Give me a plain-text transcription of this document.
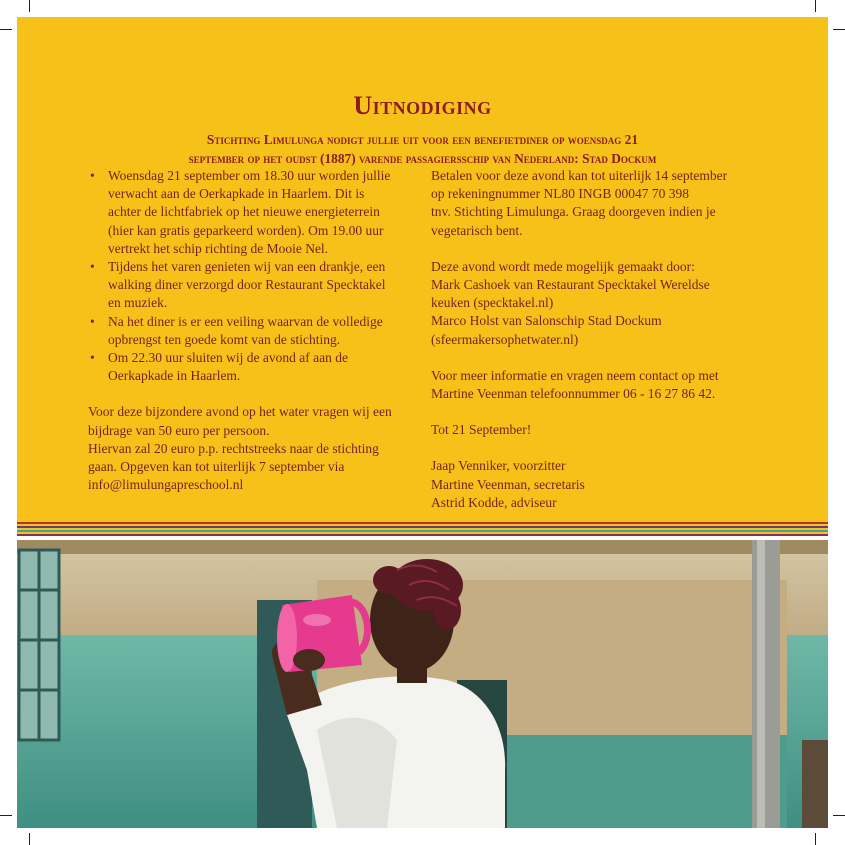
Uitnodiging
Stichting Limulunga nodigt jullie uit voor een benefietdiner op woensdag 21
september op het oudst (1887) varende passagiersschip van Nederland: Stad Dockum
• Woensdag 21 september om 18.30 uur worden jullie
verwacht aan de Oerkapkade in Haarlem. Dit is
achter de lichtfabriek op het nieuwe energieterrein
(hier kan gratis geparkeerd worden). Om 19.00 uur
vertrekt het schip richting de Mooie Nel.
• Tijdens het varen genieten wij van een drankje, een
walking diner verzorgd door Restaurant Specktakel
en muziek.
• Na het diner is er een veiling waarvan de volledige
opbrengst ten goede komt van de stichting.
• Om 22.30 uur sluiten wij de avond af aan de
Oerkapkade in Haarlem.

Voor deze bijzondere avond op het water vragen wij een
bijdrage van 50 euro per persoon.
Hiervan zal 20 euro p.p. rechtstreeks naar de stichting
gaan. Opgeven kan tot uiterlijk 7 september via
info@limulungapreschool.nl

Betalen voor deze avond kan tot uiterlijk 14 september
op rekeningnummer NL80 INGB 00047 70 398
tnv. Stichting Limulunga. Graag doorgeven indien je
vegetarisch bent.

Deze avond wordt mede mogelijk gemaakt door:
Mark Cashoek van Restaurant Specktakel Wereldse
keuken (specktakel.nl)
Marco Holst van Salonschip Stad Dockum
(sfeermakersophetwater.nl)

Voor meer informatie en vragen neem contact op met
Martine Veenman telefoonnummer 06 - 16 27 86 42.

Tot 21 September!

Jaap Venniker, voorzitter
Martine Veenman, secretaris
Astrid Kodde, adviseur
